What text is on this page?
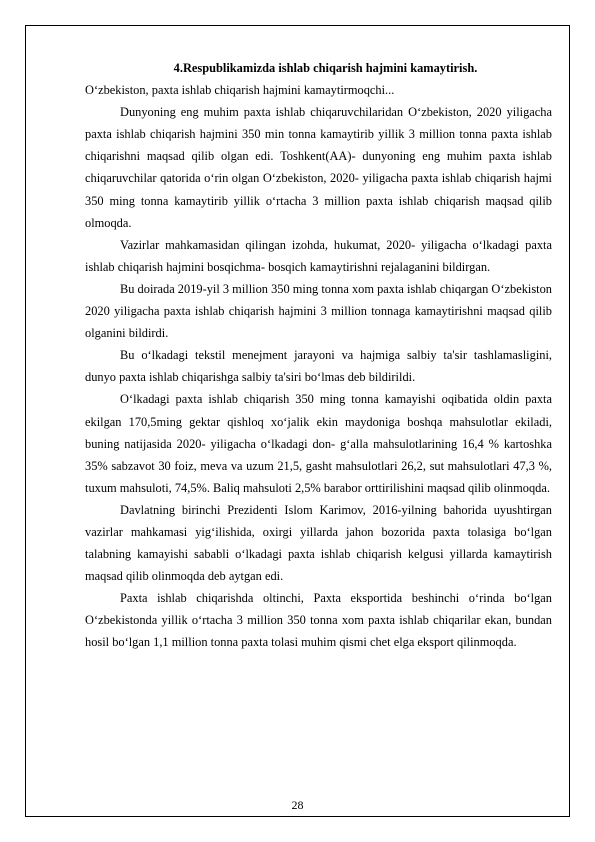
4.Respublikamizda ishlab chiqarish hajmini kamaytirish.

O‘zbekiston, paxta ishlab chiqarish hajmini kamaytirmoqchi...

Dunyoning eng muhim paxta ishlab chiqaruvchilaridan O‘zbekiston, 2020 yiligacha paxta ishlab chiqarish hajmini 350 min tonna kamaytirib yillik 3 million tonna paxta ishlab chiqarishni maqsad qilib olgan edi. Toshkent(AA)- dunyoning eng muhim paxta ishlab chiqaruvchilar qatorida o‘rin olgan O‘zbekiston, 2020- yiligacha paxta ishlab chiqarish hajmi 350 ming tonna kamaytirib yillik o‘rtacha 3 million paxta ishlab chiqarish maqsad qilib olmoqda.

Vazirlar mahkamasidan qilingan izohda, hukumat, 2020- yiligacha o‘lkadagi paxta ishlab chiqarish hajmini bosqichma- bosqich kamaytirishni rejalaganini bildirgan.

Bu doirada 2019-yil 3 million 350 ming tonna xom paxta ishlab chiqargan O‘zbekiston 2020 yiligacha paxta ishlab chiqarish hajmini 3 million tonnaga kamaytirishni maqsad qilib olganini bildirdi.

Bu o‘lkadagi tekstil menejment jarayoni va hajmiga salbiy ta'sir tashlamasligini, dunyo paxta ishlab chiqarishga salbiy ta'siri bo‘lmas deb bildirildi.

O‘lkadagi paxta ishlab chiqarish 350 ming tonna kamayishi oqibatida oldin paxta ekilgan 170,5ming gektar qishloq xo‘jalik ekin maydoniga boshqa mahsulotlar ekiladi, buning natijasida 2020- yiligacha o‘lkadagi don- g‘alla mahsulotlarining 16,4 % kartoshka 35% sabzavot 30 foiz, meva va uzum 21,5, gasht mahsulotlari 26,2, sut mahsulotlari 47,3 %, tuxum mahsuloti, 74,5%. Baliq mahsuloti 2,5% barabor orttirilishini maqsad qilib olinmoqda.

Davlatning birinchi Prezidenti Islom Karimov, 2016-yilning bahorida uyushtirgan vazirlar mahkamasi yig‘ilishida, oxirgi yillarda jahon bozorida paxta tolasiga bo‘lgan talabning kamayishi sababli o‘lkadagi paxta ishlab chiqarish kelgusi yillarda kamaytirish maqsad qilib olinmoqda deb aytgan edi.

Paxta ishlab chiqarishda oltinchi, Paxta eksportida beshinchi o‘rinda bo‘lgan O‘zbekistonda yillik o‘rtacha 3 million 350 tonna xom paxta ishlab chiqarilar ekan, bundan hosil bo‘lgan 1,1 million tonna paxta tolasi muhim qismi chet elga eksport qilinmoqda.

28
